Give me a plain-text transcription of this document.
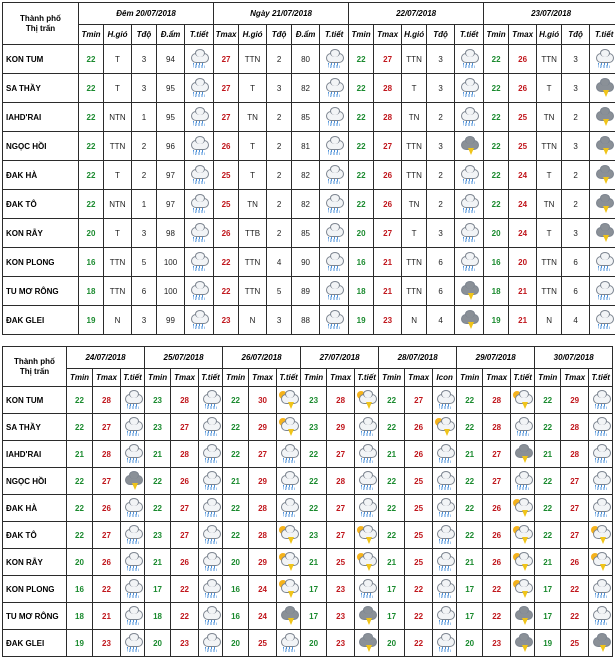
Thành phố
Thị trấn	Đêm 20/07/2018					Ngày 21/07/2018					22/07/2018					23/07/2018				
	Tmin	H.gió	Tđộ	Đ.ẩm	T.tiết	Tmax	H.gió	Tđộ	Đ.ẩm	T.tiết	Tmin	Tmax	H.gió	Tđộ	T.tiết	Tmin	Tmax	H.gió	Tđộ	T.tiết
KON TUM	22	T	3	94		27	TTN	2	80		22	27	TTN	3		22	26	TTN	3	

SA THẦY	22	T	3	95		27	T	3	82		22	28	T	3		22	26	T	3	

IAHD'RAI	22	NTN	1	95		27	TN	2	85		22	28	TN	2		22	25	TN	2	

NGỌC HỒI	22	TTN	2	96		26	T	2	81		22	27	TTN	3		22	25	TTN	3	

ĐAK HÀ	22	T	2	97		25	T	2	82		22	26	TTN	2		22	24	T	2	

ĐAK TÔ	22	NTN	1	97		25	TN	2	82		22	26	TN	2		22	24	TN	2	

KON RẪY	20	T	3	98		26	TTB	2	85		20	27	T	3		20	24	T	3	

KON PLONG	16	TTN	5	100		22	TTN	4	90		16	21	TTN	6		16	20	TTN	6	

TU MƠ RÔNG	18	TTN	6	100		22	TTN	5	89		18	21	TTN	6		18	21	TTN	6	

ĐAK GLEI	19	N	3	99		23	N	3	88		19	23	N	4		19	21	N	4	
Thành phố
Thị trấn	24/07/2018			25/07/2018			26/07/2018			27/07/2018			28/07/2018			29/07/2018			30/07/2018		
	Tmin	Tmax	T.tiết	Tmin	Tmax	T.tiết	Tmin	Tmax	T.tiết	Tmin	Tmax	T.tiết	Tmin	Tmax	Icon	Tmin	Tmax	T.tiết	Tmin	Tmax	T.tiết
KON TUM	22	28		23	28		22	30		23	28		22	27		22	28		22	29	

SA THẦY	22	27		23	27		22	29		23	29		22	26		22	28		22	28	

IAHD'RAI	21	28		21	28		22	27		22	27		21	26		21	27		21	28	

NGỌC HỒI	22	27		22	26		21	29		22	28		22	25		22	27		22	27	

ĐAK HÀ	22	26		22	27		22	28		22	27		22	25		22	26		22	27	

ĐAK TÔ	22	27		23	27		22	28		23	27		22	25		22	26		22	27	

KON RẪY	20	26		21	26		20	29		21	25		21	25		21	26		21	26	

KON PLONG	16	22		17	22		16	24		17	23		17	22		17	22		17	22	

TU MƠ RÔNG	18	21		18	22		16	24		17	23		17	22		17	22		17	22	

ĐAK GLEI	19	23		20	23		20	25		20	23		20	22		20	23		19	25	
